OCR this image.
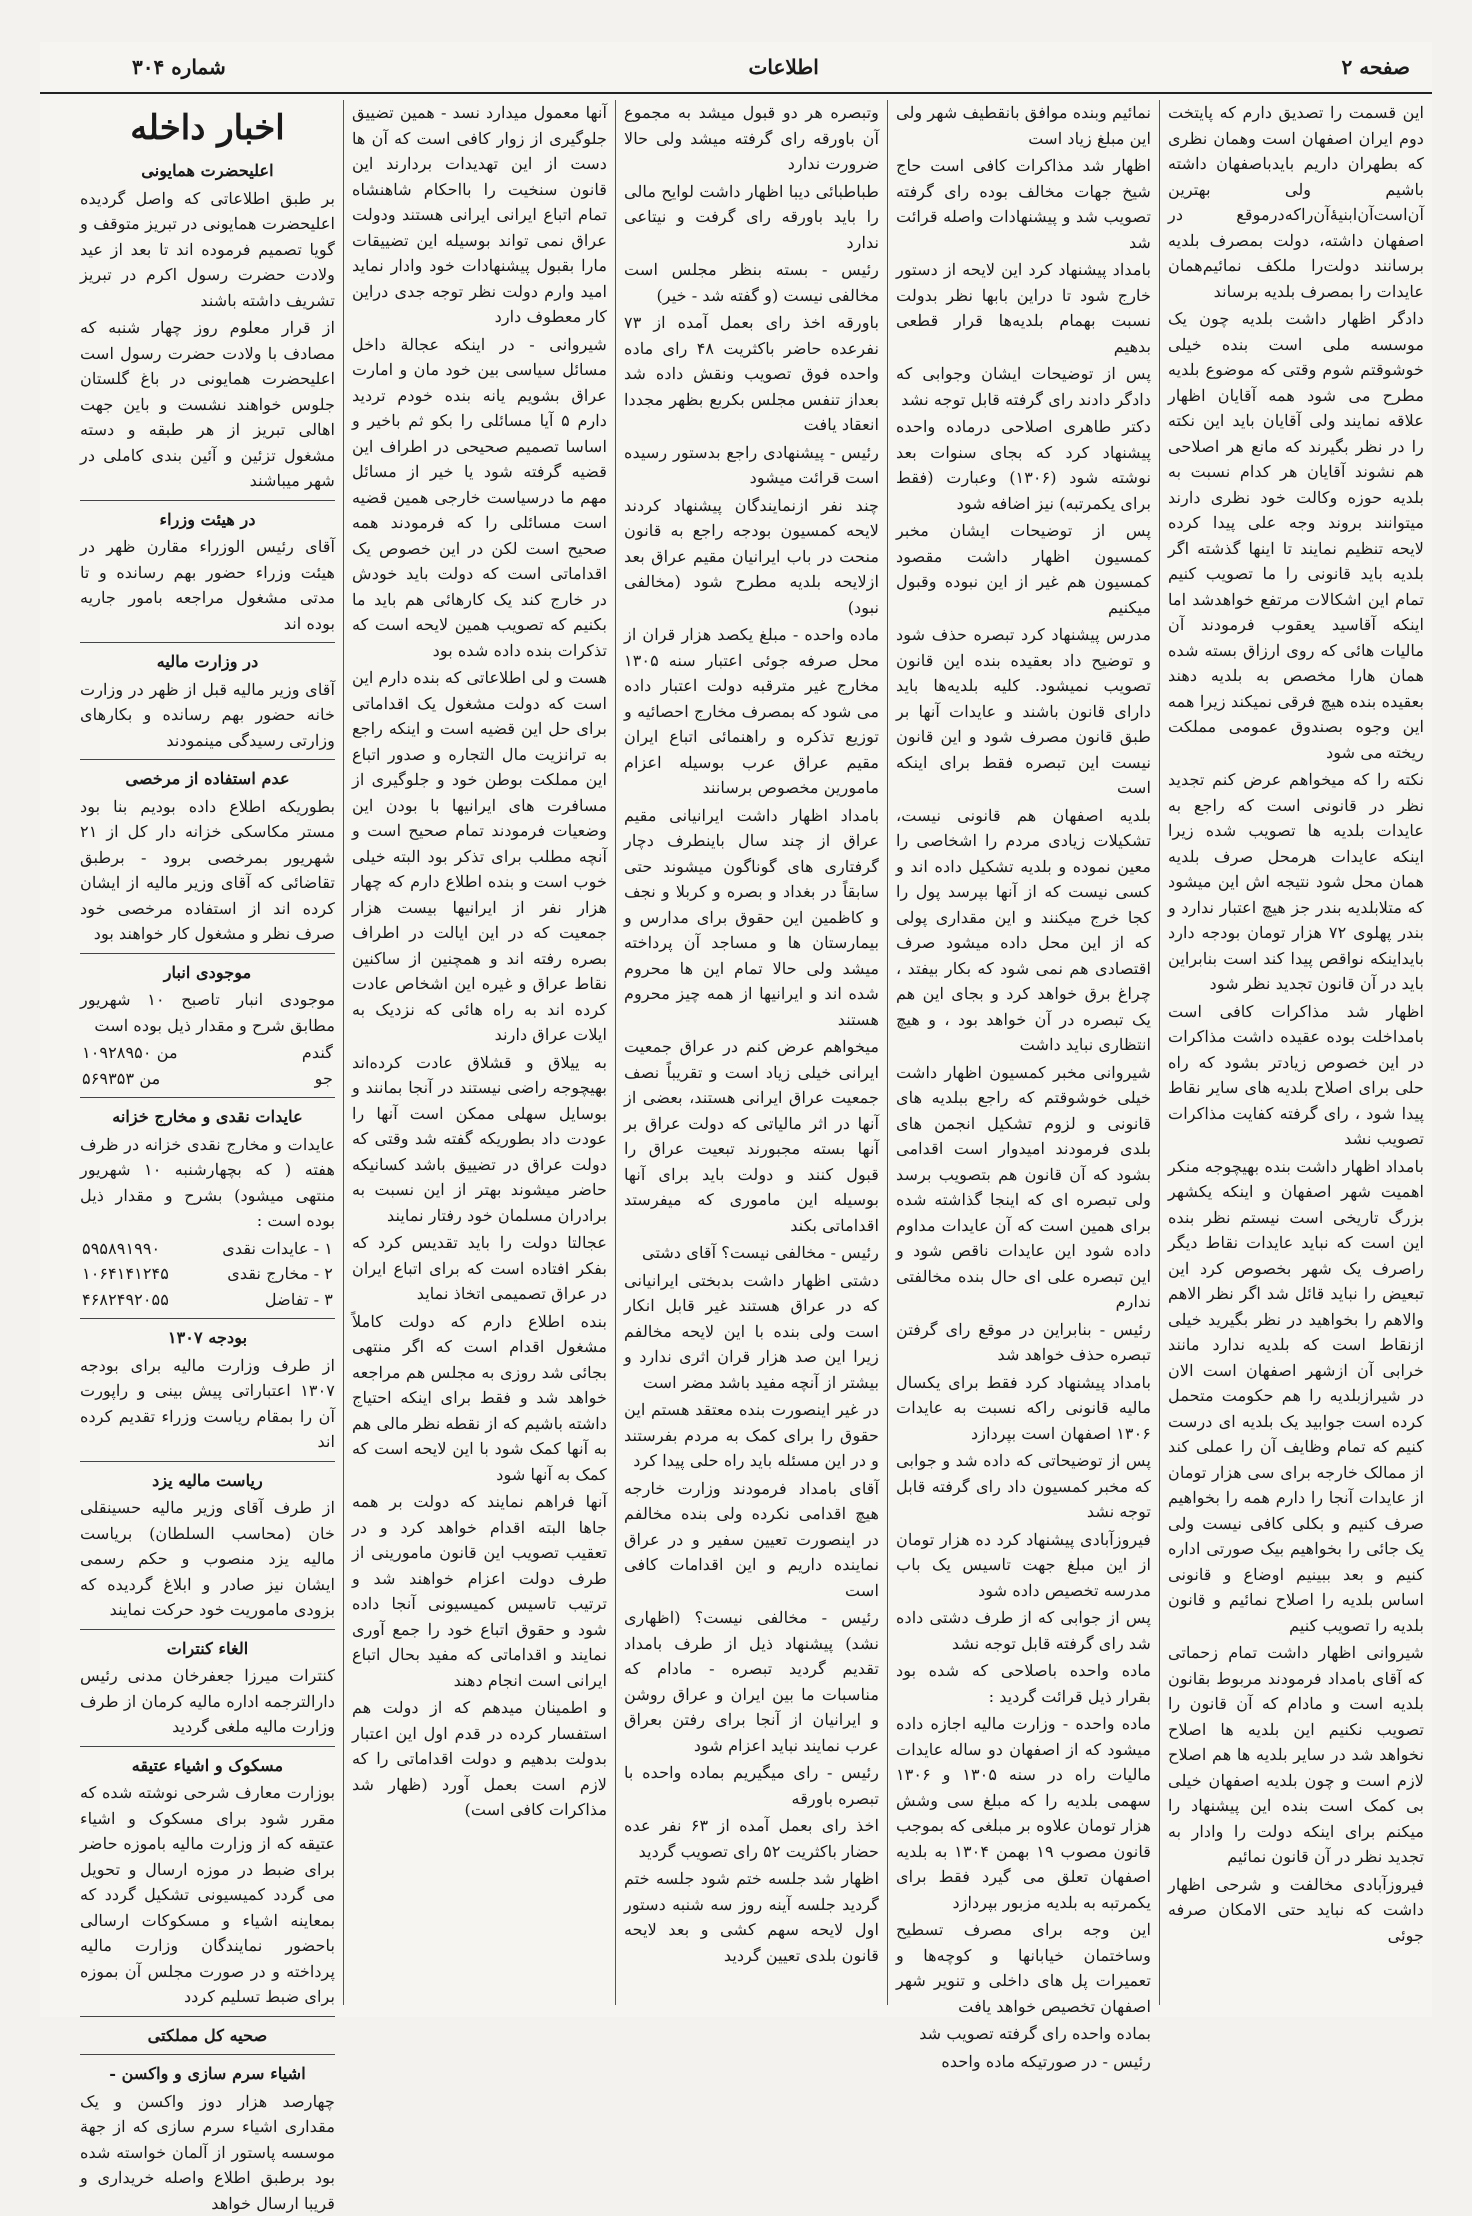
شماره ۳۰۴	اطلاعات	صفحه ۲

این قسمت را تصدیق دارم که پایتخت دوم ایران اصفهان است وهمان نظری که بطهران داریم بایدباصفهان داشته باشیم ولی بهترین آن‌است‌آن‌ابنیهٔ‌آن‌راکه‌درموقع در اصفهان داشته، دولت بمصرف بلدیه برسانند دولت‌را ملکف نمائیم‌همان عایدات را بمصرف بلدیه برساند

دادگر اظهار داشت بلدیه چون یک موسسه ملی است بنده خیلی خوشوقتم شوم وقتی که موضوع بلدیه مطرح می شود همه آقایان اظهار علاقه نمایند ولی آقایان باید این نکته را در نظر بگیرند که مانع هر اصلاحی هم نشوند آقایان هر کدام نسبت به بلدیه حوزه وکالت خود نظری دارند میتوانند بروند وجه علی پیدا کرده لایحه تنظیم نمایند تا اینها گذشته اگر بلدیه باید قانونی را ما تصویب کنیم تمام این اشکالات مرتفع خواهدشد اما اینکه آقاسید یعقوب فرمودند آن مالیات هائی که روی ارزاق بسته شده همان هارا مخصص به بلدیه دهند بعقیده بنده هیچ فرقی نمیکند زیرا همه این وجوه بصندوق عمومی مملکت ریخته می شود

نکته را که میخواهم عرض کنم تجدید نظر در قانونی است که راجع به عایدات بلدیه ها تصویب شده زیرا اینکه عایدات هرمحل صرف بلدیه همان محل شود نتیجه اش این میشود که متلابلدیه بندر جز هیچ اعتبار ندارد و بندر پهلوی ۷۲ هزار تومان بودجه دارد بایداینکه نواقص پیدا کند است بنابراین باید در آن قانون تجدید نظر شود

اظهار شد مذاکرات کافی است بامداخلت بوده عقیده داشت مذاکرات در این خصوص زیادتر بشود که راه حلی برای اصلاح بلدیه های سایر نقاط پیدا شود ، رای گرفته کفایت مذاکرات تصویب نشد

بامداد اظهار داشت بنده بهیچوجه منکر اهمیت شهر اصفهان و اینکه یکشهر بزرگ تاریخی است نیستم نظر بنده این است که نباید عایدات نقاط دیگر راصرف یک شهر بخصوص کرد این تبعیض را نباید قائل شد اگر نظر الاهم والاهم را بخواهید در نظر بگیرید خیلی ازنقاط است که بلدیه ندارد مانند خرابی آن ازشهر اصفهان است الان در شیرازبلدیه را هم حکومت متحمل کرده است جوابید یک بلدیه ای درست کنیم که تمام وظایف آن را عملی کند از ممالک خارجه برای سی هزار تومان از عایدات آنجا را دارم همه را بخواهیم صرف کنیم و بکلی کافی نیست ولی یک جائی را بخواهیم بیک صورتی اداره کنیم و بعد ببینیم اوضاع و قانونی اساس بلدیه را اصلاح نمائیم و قانون بلدیه را تصویب کنیم

شیروانی اظهار داشت تمام زحماتی که آقای بامداد فرمودند مربوط بقانون بلدیه است و مادام که آن قانون را تصویب نکنیم این بلدیه ها اصلاح نخواهد شد در سایر بلدیه ها هم اصلاح لازم است و چون بلدیه اصفهان خیلی بی کمک است بنده این پیشنهاد را میکنم برای اینکه دولت را وادار به تجدید نظر در آن قانون نمائیم

فیروزآبادی مخالفت و شرحی اظهار داشت که نباید حتی الامکان صرفه جوئی

نمائیم وبنده موافق بانقطیف شهر ولی این مبلغ زیاد است

اظهار شد مذاکرات کافی است حاج شیخ جهات مخالف بوده رای گرفته تصویب شد و پیشنهادات واصله قرائت شد

بامداد پیشنهاد کرد این لایحه از دستور خارج شود تا دراین بابها نظر بدولت نسبت بهمام بلدیه‌ها قرار قطعی بدهیم

پس از توضیحات ایشان وجوابی که دادگر دادند رای گرفته قابل توجه نشد

دکتر طاهری اصلاحی درماده واحده پیشنهاد کرد که بجای سنوات بعد نوشته شود (۱۳۰۶) وعبارت (فقط برای یکمرتبه) نیز اضافه شود

پس از توضیحات ایشان مخبر کمسیون اظهار داشت مقصود کمسیون هم غیر از این نبوده وقبول میکنیم

مدرس پیشنهاد کرد تبصره حذف شود و توضیح داد بعقیده بنده این قانون تصویب نمیشود. کلیه بلدیه‌ها باید دارای قانون باشند و عایدات آنها بر طبق قانون مصرف شود و این قانون نیست این تبصره فقط برای اینکه است

بلدیه اصفهان هم قانونی نیست، تشکیلات زیادی مردم را اشخاصی را معین نموده و بلدیه تشکیل داده اند و کسی نیست که از آنها بپرسد پول را کجا خرج میکنند و این مقداری پولی که از این محل داده میشود صرف اقتصادی هم نمی شود که بکار بیفتد ، چراغ برق خواهد کرد و بجای این هم یک تبصره در آن خواهد بود ، و هیچ انتظاری نباید داشت

شیروانی مخبر کمسیون اظهار داشت خیلی خوشوقتم که راجع ببلدیه های قانونی و لزوم تشکیل انجمن های بلدی فرمودند امیدوار است اقدامی بشود که آن قانون هم بتصویب برسد ولی تبصره ای که اینجا گذاشته شده برای همین است که آن عایدات مداوم داده شود این عایدات ناقص شود و این تبصره علی ای حال بنده مخالفتی ندارم

رئیس - بنابراین در موقع رای گرفتن تبصره حذف خواهد شد

بامداد پیشنهاد کرد فقط برای یکسال مالیه قانونی راکه نسبت به عایدات ۱۳۰۶ اصفهان است بپردازد

پس از توضیحاتی که داده شد و جوابی که مخبر کمسیون داد رای گرفته قابل توجه نشد

فیروزآبادی پیشنهاد کرد ده هزار تومان از این مبلغ جهت تاسیس یک باب مدرسه تخصیص داده شود

پس از جوابی که از طرف دشتی داده شد رای گرفته قابل توجه نشد

ماده واحده باصلاحی که شده بود بقرار ذیل قرائت گردید :

ماده واحده - وزارت مالیه اجازه داده میشود که از اصفهان دو ساله عایدات مالیات راه در سنه ۱۳۰۵ و ۱۳۰۶ سهمی بلدیه را که مبلغ سی وشش هزار تومان علاوه بر مبلغی که بموجب قانون مصوب ۱۹ بهمن ۱۳۰۴ به بلدیه اصفهان تعلق می گیرد فقط برای یکمرتبه به بلدیه مزبور بپردازد

این وجه برای مصرف تسطیح وساختمان خیابانها و کوچه‌ها و تعمیرات پل های داخلی و تنویر شهر اصفهان تخصیص خواهد یافت

بماده واحده رای گرفته تصویب شد

رئیس - در صورتیکه ماده واحده

وتبصره هر دو قبول میشد به مجموع آن باورقه رای گرفته میشد ولی حالا ضرورت ندارد

طباطبائی دیبا اظهار داشت لوایح مالی را باید باورقه رای گرفت و نیتاعی ندارد

رئیس - بسته بنظر مجلس است مخالفی نیست (و گفته شد - خیر)

باورقه اخذ رای بعمل آمده از ۷۳ نفرعده حاضر باکثریت ۴۸ رای ماده واحده فوق تصویب ونقش داده شد بعداز تنفس مجلس بکربع بظهر مجددا انعقاد یافت

رئیس - پیشنهادی راجع بدستور رسیده است قرائت میشود

چند نفر ازنمایندگان پیشنهاد کردند لایحه کمسیون بودجه راجع به قانون منحت در باب ایرانیان مقیم عراق بعد ازلایحه بلدیه مطرح شود (مخالفی نبود)

ماده واحده - مبلغ یکصد هزار قران از محل صرفه جوئی اعتبار سنه ۱۳۰۵ مخارج غیر مترقبه دولت اعتبار داده می شود که بمصرف مخارج احصائیه و توزیع تذکره و راهنمائی اتباع ایران مقیم عراق عرب بوسیله اعزام مامورین مخصوص برسانند

بامداد اظهار داشت ایرانیانی مقیم عراق از چند سال باینطرف دچار گرفتاری های گوناگون میشوند حتی سابقاً در بغداد و بصره و کربلا و نجف و کاظمین این حقوق برای مدارس و بیمارستان ها و مساجد آن پرداخته میشد ولی حالا تمام این ها محروم شده اند و ایرانیها از همه چیز محروم هستند

میخواهم عرض کنم در عراق جمعیت ایرانی خیلی زیاد است و تقریباً نصف جمعیت عراق ایرانی هستند، بعضی از آنها در اثر مالیاتی که دولت عراق بر آنها بسته مجبورند تبعیت عراق را قبول کنند و دولت باید برای آنها بوسیله این ماموری که میفرستد اقداماتی بکند

رئیس - مخالفی نیست؟ آقای دشتی

دشتی اظهار داشت بدبختی ایرانیانی که در عراق هستند غیر قابل انکار است ولی بنده با این لایحه مخالفم زیرا این صد هزار قران اثری ندارد و بیشتر از آنچه مفید باشد مضر است

در غیر اینصورت بنده معتقد هستم این حقوق را برای کمک به مردم بفرستند و در این مسئله باید راه حلی پیدا کرد

آقای بامداد فرمودند وزارت خارجه هیچ اقدامی نکرده ولی بنده مخالفم در اینصورت تعیین سفیر و در عراق نماینده داریم و این اقدامات کافی است

رئیس - مخالفی نیست؟ (اظهاری نشد) پیشنهاد ذیل از طرف بامداد تقدیم گردید تبصره - مادام که مناسبات ما بین ایران و عراق روشن و ایرانیان از آنجا برای رفتن بعراق عرب نمایند نباید اعزام شود

رئیس - رای میگیریم بماده واحده با تبصره باورقه

اخذ رای بعمل آمده از ۶۳ نفر عده حضار باکثریت ۵۲ رای تصویب گردید

اظهار شد جلسه ختم شود جلسه ختم گردید جلسه آینه روز سه شنبه دستور اول لایحه سهم کشی و بعد لایحه قانون بلدی تعیین گردید

آنها معمول میدارد نسد - همین تضییق جلوگیری از زوار کافی است که آن ها دست از این تهدیدات بردارند این قانون سنخیت را بااحکام شاهنشاه تمام اتباع ایرانی ایرانی هستند ودولت عراق نمی تواند بوسیله این تضییقات مارا بقبول پیشنهادات خود وادار نماید امید وارم دولت نظر توجه جدی دراین کار معطوف دارد

شیروانی - در اینکه عجالة داخل مسائل سیاسی بین خود مان و امارت عراق بشویم یانه بنده خودم تردید دارم ۵ آیا مسائلی را بکو ثم باخیر و اساسا تصمیم صحیحی در اطراف این قضیه گرفته شود یا خیر از مسائل مهم ما درسیاست خارجی همین قضیه است مسائلی را که فرمودند همه صحیح است لکن در این خصوص یک اقداماتی است که دولت باید خودش در خارج کند یک کارهائی هم باید ما بکنیم که تصویب همین لایحه است که تذکرات بنده داده شده بود

هست و لی اطلاعاتی که بنده دارم این است که دولت مشغول یک اقداماتی برای حل این قضیه است و اینکه راجع به ترانزیت مال التجاره و صدور اتباع این مملکت بوطن خود و جلوگیری از مسافرت های ایرانیها با بودن این وضعیات فرمودند تمام صحیح است و آنچه مطلب برای تذکر بود البته خیلی خوب است و بنده اطلاع دارم که چهار هزار نفر از ایرانیها بیست هزار جمعیت که در این ایالت در اطراف بصره رفته اند و همچنین از ساکنین نقاط عراق و غیره این اشخاص عادت کرده اند به راه هائی که نزدیک به ایلات عراق دارند

به ییلاق و قشلاق عادت کرده‌اند بهیچوجه راضی نیستند در آنجا بمانند و بوسایل سهلی ممکن است آنها را عودت داد بطوریکه گفته شد وقتی که دولت عراق در تضییق باشد کسانیکه حاضر میشوند بهتر از این نسبت به برادران مسلمان خود رفتار نمایند

عجالتا دولت را باید تقدیس کرد که بفکر افتاده است که برای اتباع ایران در عراق تصمیمی اتخاذ نماید

بنده اطلاع دارم که دولت کاملاً مشغول اقدام است که اگر منتهی بجائی شد روزی به مجلس هم مراجعه خواهد شد و فقط برای اینکه احتیاج داشته باشیم که از نقطه نظر مالی هم به آنها کمک شود با این لایحه است که کمک به آنها شود

آنها فراهم نمایند که دولت بر همه جاها البته اقدام خواهد کرد و در تعقیب تصویب این قانون مامورینی از طرف دولت اعزام خواهند شد و ترتیب تاسیس کمیسیونی آنجا داده شود و حقوق اتباع خود را جمع آوری نمایند و اقداماتی که مفید بحال اتباع ایرانی است انجام دهند

و اطمینان میدهم که از دولت هم استفسار کرده در قدم اول این اعتبار بدولت بدهیم و دولت اقداماتی را که لازم است بعمل آورد (ظهار شد مذاکرات کافی است)

اخبار داخله
اعلیحضرت همایونی

بر طبق اطلاعاتی که واصل گردیده اعلیحضرت همایونی در تبریز متوقف و گویا تصمیم فرموده اند تا بعد از عید ولادت حضرت رسول اکرم در تبریز تشریف داشته باشند

از قرار معلوم روز چهار شنبه که مصادف با ولادت حضرت رسول است اعلیحضرت همایونی در باغ گلستان جلوس خواهند نشست و باین جهت اهالی تبریز از هر طبقه و دسته مشغول تزئین و آئین بندی کاملی در شهر میباشند

در هیئت وزراء

آقای رئیس الوزراء مقارن ظهر در هیئت وزراء حضور بهم رسانده و تا مدتی مشغول مراجعه بامور جاریه بوده اند

در وزارت مالیه

آقای وزیر مالیه قبل از ظهر در وزارت خانه حضور بهم رسانده و بکارهای وزارتی رسیدگی مینمودند

عدم استفاده از مرخصی

بطوریکه اطلاع داده بودیم بنا بود مستر مکاسکی خزانه دار کل از ۲۱ شهریور بمرخصی برود - برطبق تقاضائی که آقای وزیر مالیه از ایشان کرده اند از استفاده مرخصی خود صرف نظر و مشغول کار خواهند بود

موجودی انبار

موجودی انبار تاصبح ۱۰ شهریور مطابق شرح و مقدار ذیل بوده است

گندم	۱۰۹۲۸۹۵۰ من
جو	۵۶۹۳۵۳ من
عایدات نقدی و مخارج خزانه

عایدات و مخارج نقدی خزانه در ظرف هفته ( که بچهارشنبه ۱۰ شهریور منتهی میشود) بشرح و مقدار ذیل بوده است :

۱ - عایدات نقدی	۵۹۵۸۹۱۹۹۰
۲ - مخارج نقدی	۱۰۶۴۱۴۱۲۴۵
۳ - تفاضل	۴۶۸۲۴۹۲۰۵۵
بودجه ۱۳۰۷

از طرف وزارت مالیه برای بودجه ۱۳۰۷ اعتباراتی پیش بینی و راپورت آن را بمقام ریاست وزراء تقدیم کرده اند

ریاست مالیه یزد

از طرف آقای وزیر مالیه حسینقلی خان (محاسب السلطان) بریاست مالیه یزد منصوب و حکم رسمی ایشان نیز صادر و ابلاغ گردیده که بزودی ماموریت خود حرکت نمایند

الغاء کنترات

کنترات میرزا جعفرخان مدنی رئیس دارالترجمه اداره مالیه کرمان از طرف وزارت مالیه ملغی گردید

مسکوک و اشیاء عتیقه

بوزارت معارف شرحی نوشته شده که مقرر شود برای مسکوک و اشیاء عتیقه که از وزارت مالیه باموزه حاضر برای ضبط در موزه ارسال و تحویل می گردد کمیسیونی تشکیل گردد که بمعاینه اشیاء و مسکوکات ارسالی باحضور نمایندگان وزارت مالیه پرداخته و در صورت مجلس آن بموزه برای ضبط تسلیم کردد

صحیه کل مملکتی
اشیاء سرم سازی و واکسن -

چهارصد هزار دوز واکسن و یک مقداری اشیاء سرم سازی که از جهة موسسه پاستور از آلمان خواسته شده بود برطبق اطلاع واصله خریداری و قریبا ارسال خواهد
